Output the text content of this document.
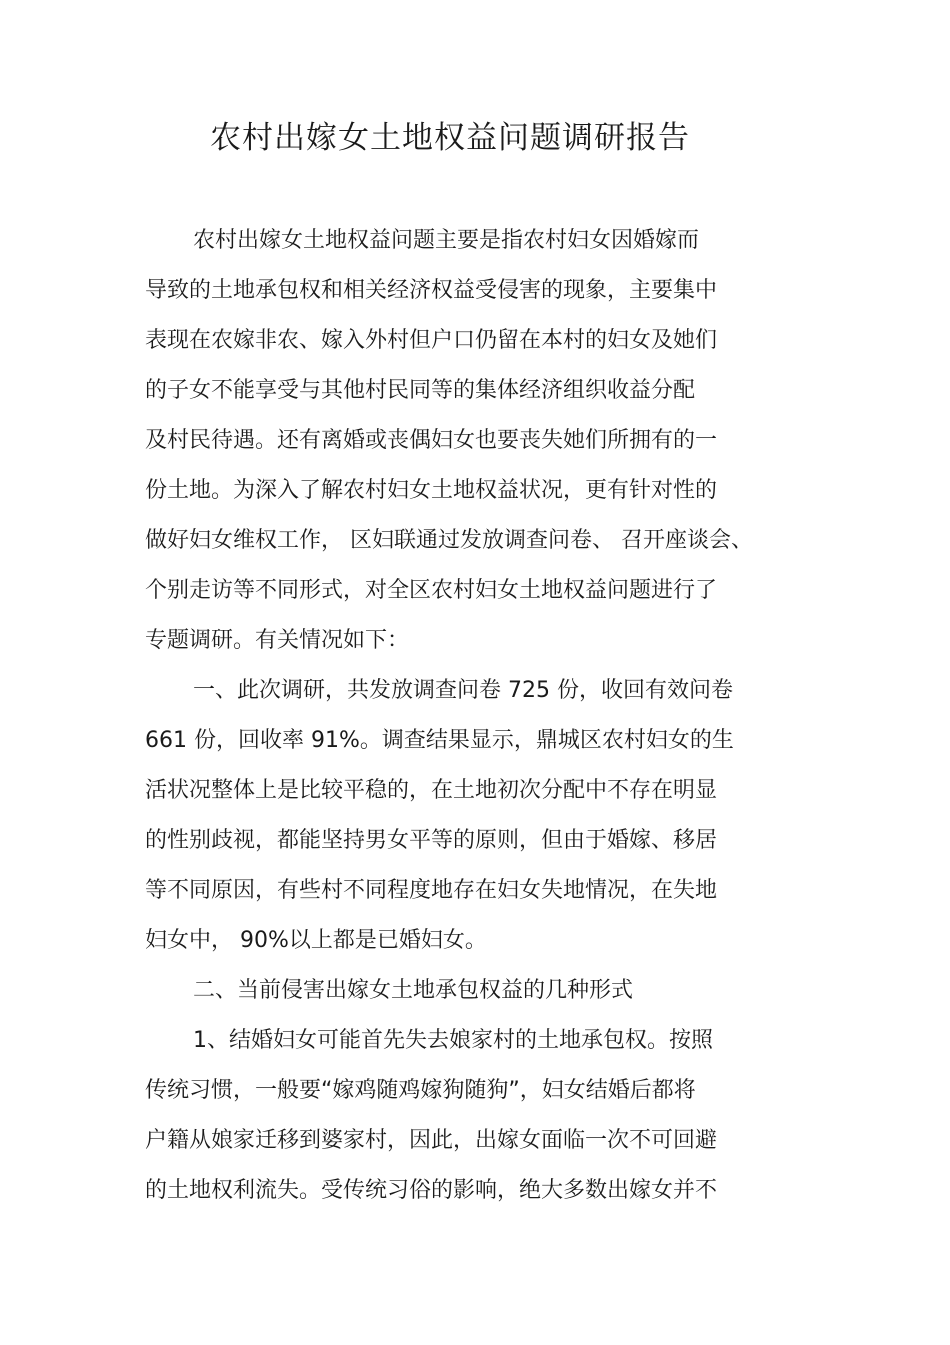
农村出嫁女土地权益问题调研报告

农村出嫁女土地权益问题主要是指农村妇女因婚嫁而

导致的土地承包权和相关经济权益受侵害的现象，主要集中

表现在农嫁非农、嫁入外村但户口仍留在本村的妇女及她们

的子女不能享受与其他村民同等的集体经济组织收益分配

及村民待遇。还有离婚或丧偶妇女也要丧失她们所拥有的一

份土地。为深入了解农村妇女土地权益状况，更有针对性的

做好妇女维权工作， 区妇联通过发放调查问卷、 召开座谈会、

个别走访等不同形式，对全区农村妇女土地权益问题进行了

专题调研。有关情况如下：

一、此次调研，共发放调查问卷 725 份，收回有效问卷

661 份，回收率 91%。调查结果显示，鼎城区农村妇女的生

活状况整体上是比较平稳的，在土地初次分配中不存在明显

的性别歧视，都能坚持男女平等的原则，但由于婚嫁、移居

等不同原因，有些村不同程度地存在妇女失地情况，在失地

妇女中， 90%以上都是已婚妇女。

二、当前侵害出嫁女土地承包权益的几种形式

1、结婚妇女可能首先失去娘家村的土地承包权。按照

传统习惯，一般要“嫁鸡随鸡嫁狗随狗”，妇女结婚后都将

户籍从娘家迁移到婆家村，因此，出嫁女面临一次不可回避

的土地权利流失。受传统习俗的影响，绝大多数出嫁女并不
